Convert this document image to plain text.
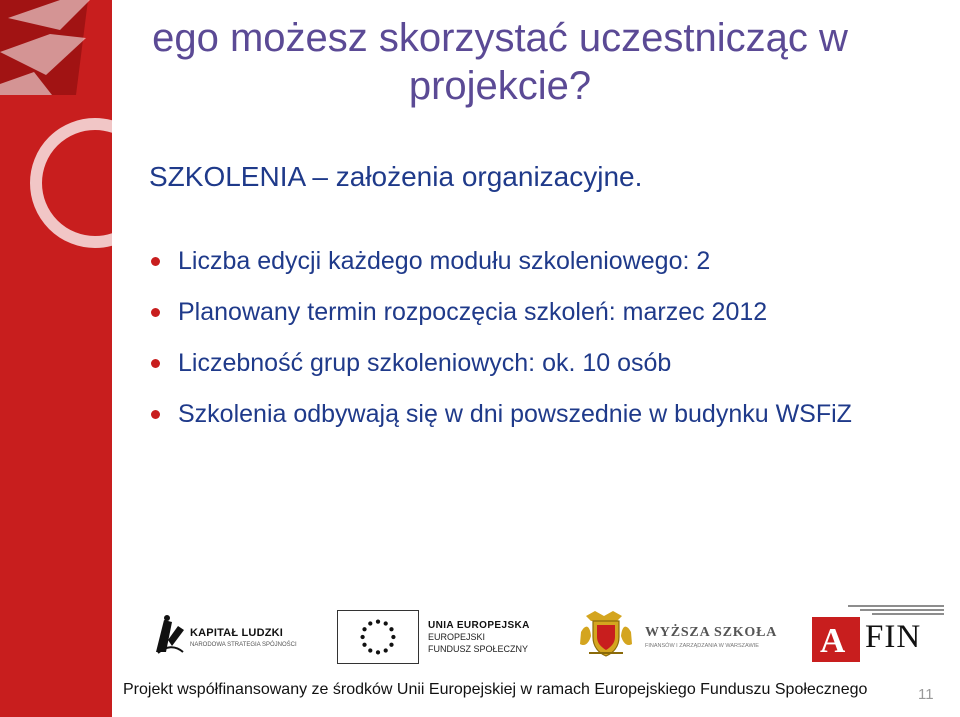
ego możesz skorzystać uczestnicząc w
projekcie?
SZKOLENIA – założenia organizacyjne.
Liczba edycji każdego modułu szkoleniowego: 2
Planowany termin rozpoczęcia szkoleń: marzec 2012
Liczebność grup szkoleniowych: ok. 10 osób
Szkolenia odbywają się w dni powszednie w budynku WSFiZ
KAPITAŁ LUDZKI
NARODOWA STRATEGIA SPÓJNOŚCI
UNIA EUROPEJSKA
EUROPEJSKI
FUNDUSZ SPOŁECZNY
WYŻSZA SZKOŁA
FINANSÓW I ZARZĄDZANIA W WARSZAWIE A FIN
Projekt współfinansowany ze środków Unii Europejskiej w ramach Europejskiego Funduszu Społecznego	11
